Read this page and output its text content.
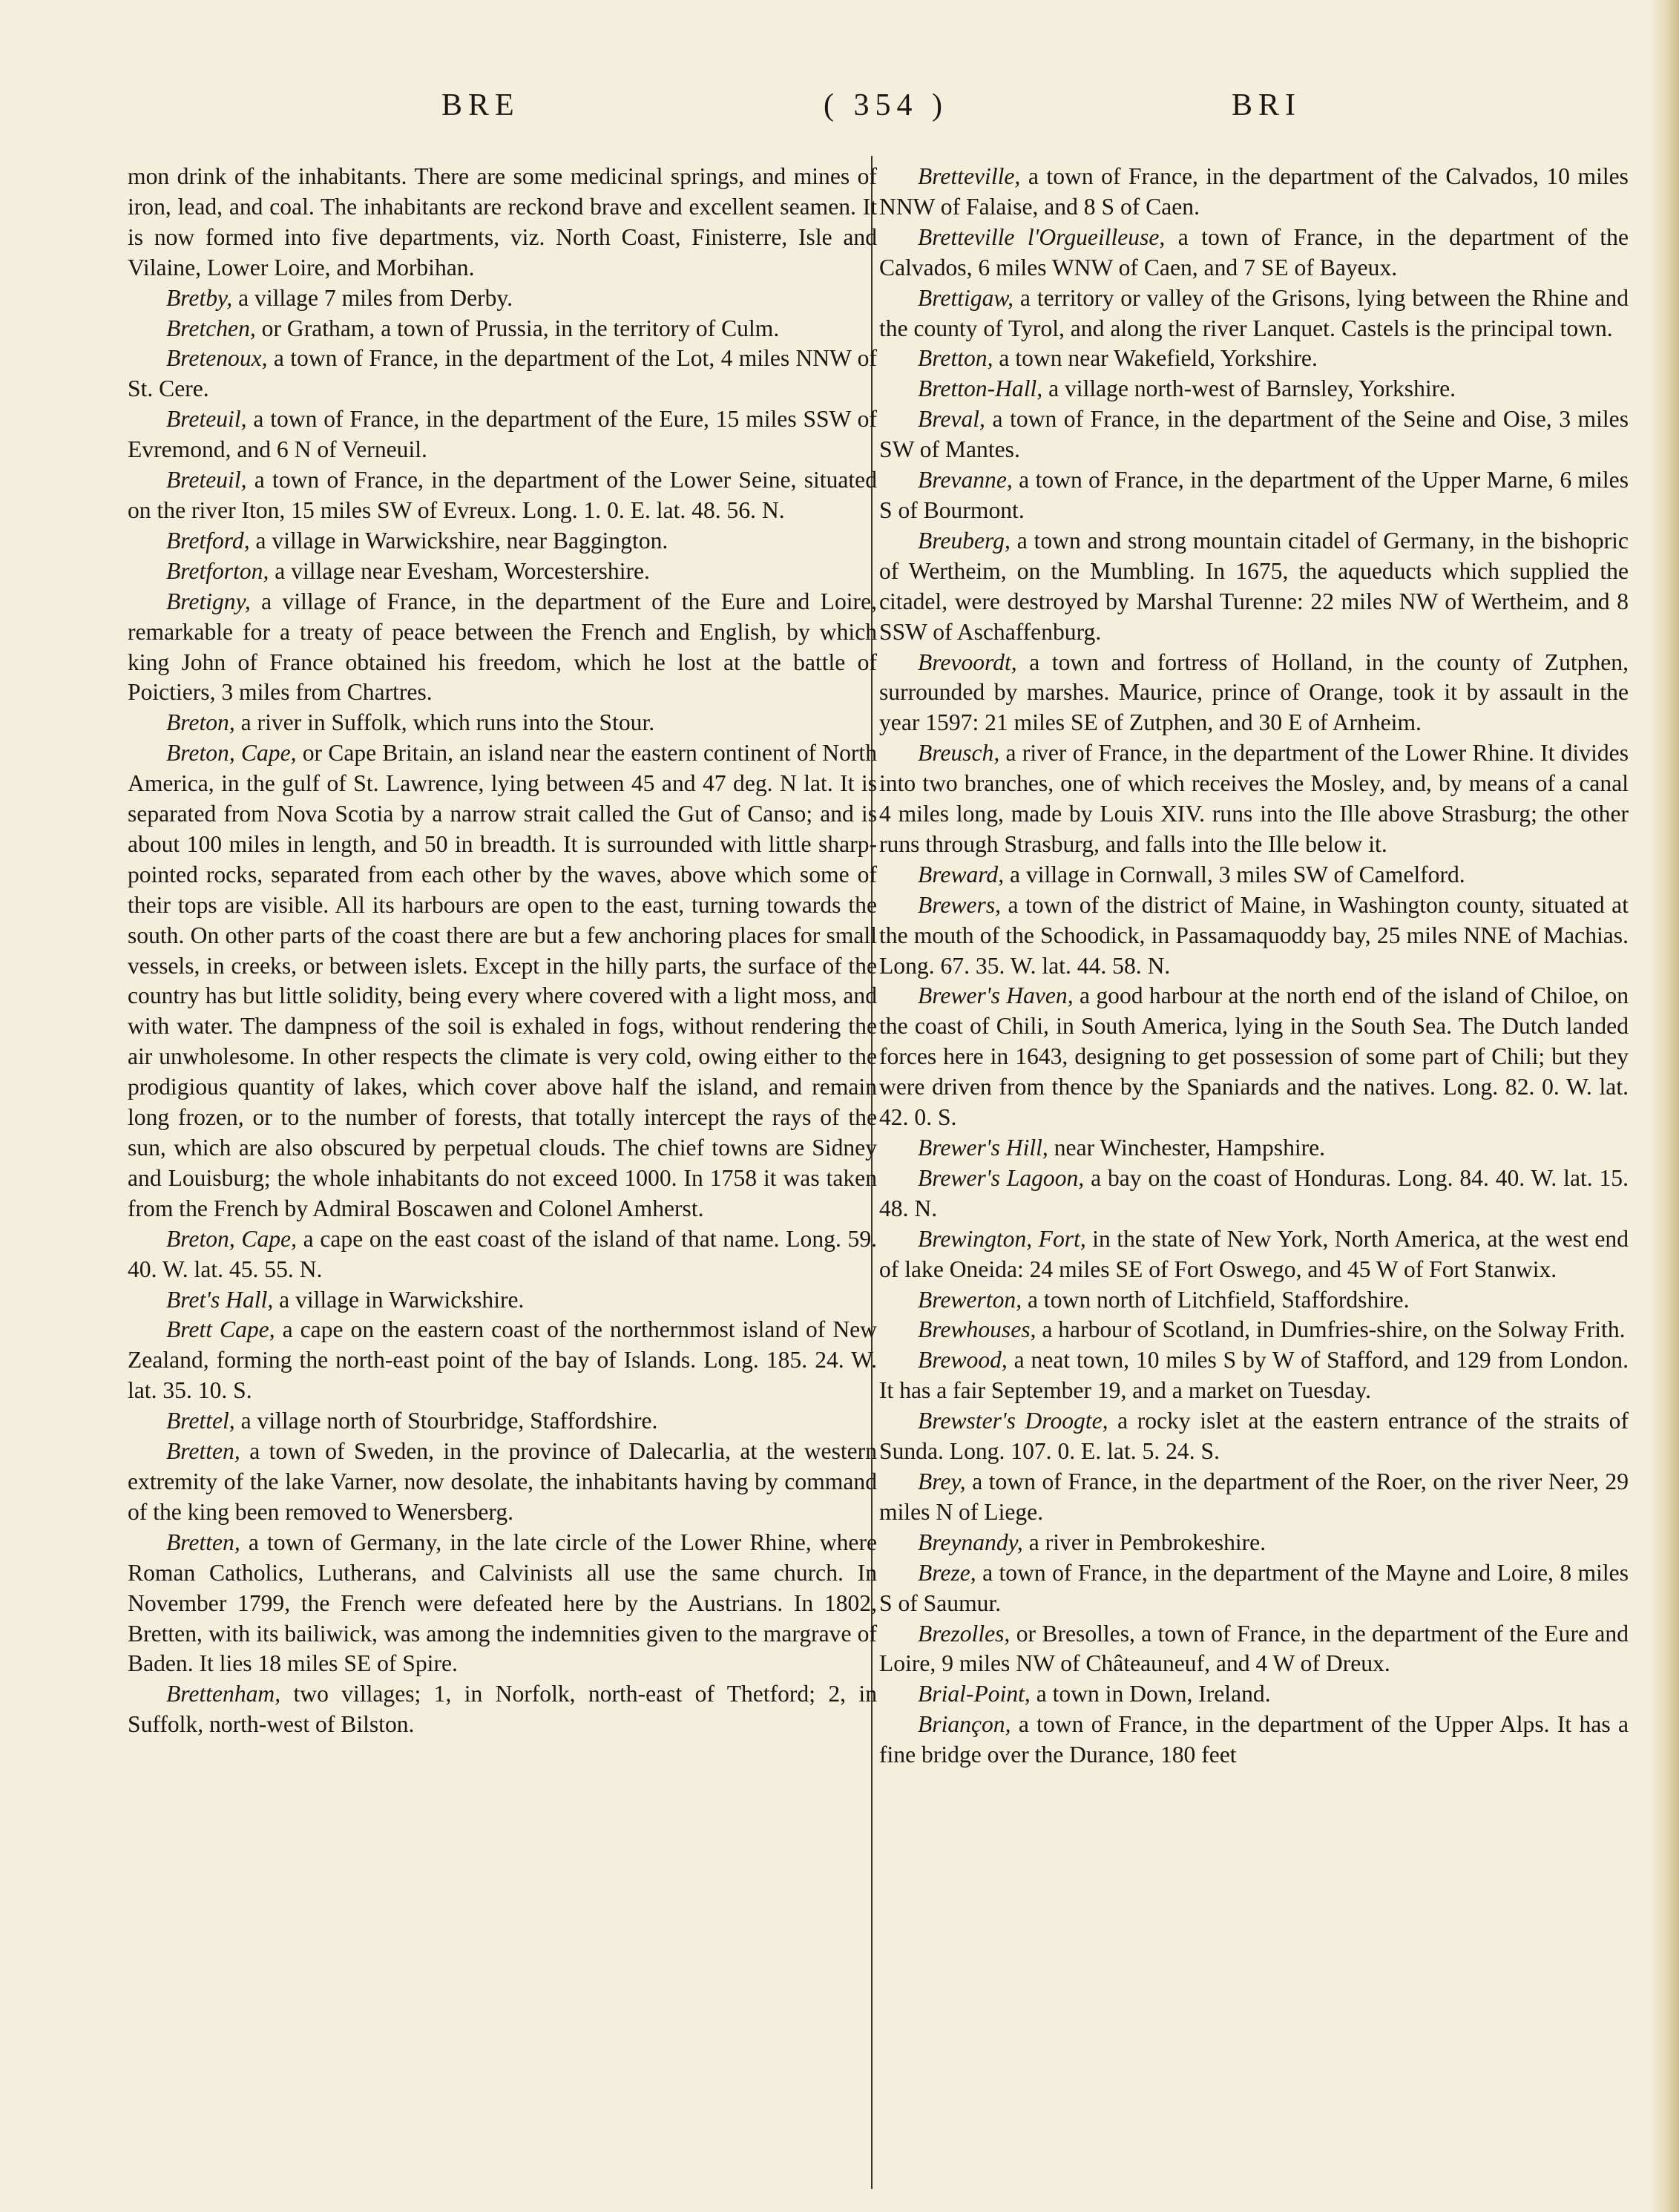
BRE	( 354 )	BRI

mon drink of the inhabitants. There are some medicinal springs, and mines of iron, lead, and coal. The inhabitants are reckond brave and excellent seamen. It is now formed into five departments, viz. North Coast, Finisterre, Isle and Vilaine, Lower Loire, and Morbihan.

Bretby, a village 7 miles from Derby.

Bretchen, or Gratham, a town of Prussia, in the territory of Culm.

Bretenoux, a town of France, in the department of the Lot, 4 miles NNW of St. Cere.

Breteuil, a town of France, in the department of the Eure, 15 miles SSW of Evremond, and 6 N of Verneuil.

Breteuil, a town of France, in the department of the Lower Seine, situated on the river Iton, 15 miles SW of Evreux. Long. 1. 0. E. lat. 48. 56. N.

Bretford, a village in Warwickshire, near Baggington.

Bretforton, a village near Evesham, Worcestershire.

Bretigny, a village of France, in the department of the Eure and Loire, remarkable for a treaty of peace between the French and English, by which king John of France obtained his freedom, which he lost at the battle of Poictiers, 3 miles from Chartres.

Breton, a river in Suffolk, which runs into the Stour.

Breton, Cape, or Cape Britain, an island near the eastern continent of North America, in the gulf of St. Lawrence, lying between 45 and 47 deg. N lat. It is separated from Nova Scotia by a narrow strait called the Gut of Canso; and is about 100 miles in length, and 50 in breadth. It is surrounded with little sharp-pointed rocks, separated from each other by the waves, above which some of their tops are visible. All its harbours are open to the east, turning towards the south. On other parts of the coast there are but a few anchoring places for small vessels, in creeks, or between islets. Except in the hilly parts, the surface of the country has but little solidity, being every where covered with a light moss, and with water. The dampness of the soil is exhaled in fogs, without rendering the air unwholesome. In other respects the climate is very cold, owing either to the prodigious quantity of lakes, which cover above half the island, and remain long frozen, or to the number of forests, that totally intercept the rays of the sun, which are also obscured by perpetual clouds. The chief towns are Sidney and Louisburg; the whole inhabitants do not exceed 1000. In 1758 it was taken from the French by Admiral Boscawen and Colonel Amherst.

Breton, Cape, a cape on the east coast of the island of that name. Long. 59. 40. W. lat. 45. 55. N.

Bret's Hall, a village in Warwickshire.

Brett Cape, a cape on the eastern coast of the northernmost island of New Zealand, forming the north-east point of the bay of Islands. Long. 185. 24. W. lat. 35. 10. S.

Brettel, a village north of Stourbridge, Staffordshire.

Bretten, a town of Sweden, in the province of Dalecarlia, at the western extremity of the lake Varner, now desolate, the inhabitants having by command of the king been removed to Wenersberg.

Bretten, a town of Germany, in the late circle of the Lower Rhine, where Roman Catholics, Lutherans, and Calvinists all use the same church. In November 1799, the French were defeated here by the Austrians. In 1802, Bretten, with its bailiwick, was among the indemnities given to the margrave of Baden. It lies 18 miles SE of Spire.

Brettenham, two villages; 1, in Norfolk, north-east of Thetford; 2, in Suffolk, north-west of Bilston.

Bretteville, a town of France, in the department of the Calvados, 10 miles NNW of Falaise, and 8 S of Caen.

Bretteville l'Orgueilleuse, a town of France, in the department of the Calvados, 6 miles WNW of Caen, and 7 SE of Bayeux.

Brettigaw, a territory or valley of the Grisons, lying between the Rhine and the county of Tyrol, and along the river Lanquet. Castels is the principal town.

Bretton, a town near Wakefield, Yorkshire.

Bretton-Hall, a village north-west of Barnsley, Yorkshire.

Breval, a town of France, in the department of the Seine and Oise, 3 miles SW of Mantes.

Brevanne, a town of France, in the department of the Upper Marne, 6 miles S of Bourmont.

Breuberg, a town and strong mountain citadel of Germany, in the bishopric of Wertheim, on the Mumbling. In 1675, the aqueducts which supplied the citadel, were destroyed by Marshal Turenne: 22 miles NW of Wertheim, and 8 SSW of Aschaffenburg.

Brevoordt, a town and fortress of Holland, in the county of Zutphen, surrounded by marshes. Maurice, prince of Orange, took it by assault in the year 1597: 21 miles SE of Zutphen, and 30 E of Arnheim.

Breusch, a river of France, in the department of the Lower Rhine. It divides into two branches, one of which receives the Mosley, and, by means of a canal 4 miles long, made by Louis XIV. runs into the Ille above Strasburg; the other runs through Strasburg, and falls into the Ille below it.

Breward, a village in Cornwall, 3 miles SW of Camelford.

Brewers, a town of the district of Maine, in Washington county, situated at the mouth of the Schoodick, in Passamaquoddy bay, 25 miles NNE of Machias. Long. 67. 35. W. lat. 44. 58. N.

Brewer's Haven, a good harbour at the north end of the island of Chiloe, on the coast of Chili, in South America, lying in the South Sea. The Dutch landed forces here in 1643, designing to get possession of some part of Chili; but they were driven from thence by the Spaniards and the natives. Long. 82. 0. W. lat. 42. 0. S.

Brewer's Hill, near Winchester, Hampshire.

Brewer's Lagoon, a bay on the coast of Honduras. Long. 84. 40. W. lat. 15. 48. N.

Brewington, Fort, in the state of New York, North America, at the west end of lake Oneida: 24 miles SE of Fort Oswego, and 45 W of Fort Stanwix.

Brewerton, a town north of Litchfield, Staffordshire.

Brewhouses, a harbour of Scotland, in Dumfries-shire, on the Solway Frith.

Brewood, a neat town, 10 miles S by W of Stafford, and 129 from London. It has a fair September 19, and a market on Tuesday.

Brewster's Droogte, a rocky islet at the eastern entrance of the straits of Sunda. Long. 107. 0. E. lat. 5. 24. S.

Brey, a town of France, in the department of the Roer, on the river Neer, 29 miles N of Liege.

Breynandy, a river in Pembrokeshire.

Breze, a town of France, in the department of the Mayne and Loire, 8 miles S of Saumur.

Brezolles, or Bresolles, a town of France, in the department of the Eure and Loire, 9 miles NW of Châteauneuf, and 4 W of Dreux.

Brial-Point, a town in Down, Ireland.

Briançon, a town of France, in the department of the Upper Alps. It has a fine bridge over the Durance, 180 feet
